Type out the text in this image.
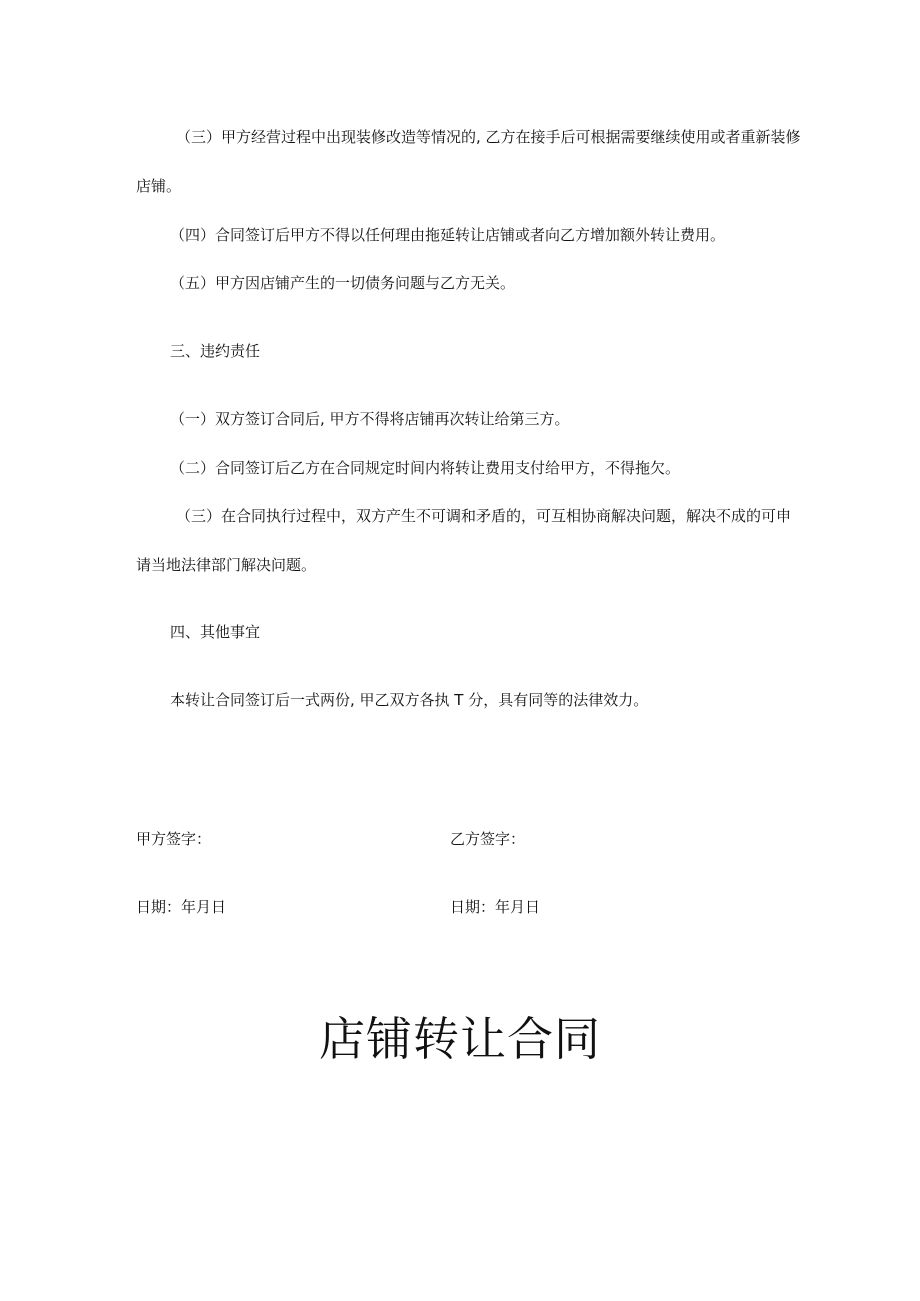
（三）甲方经营过程中出现装修改造等情况的, 乙方在接手后可根据需要继续使用或者重新装修
店铺。
（四）合同签订后甲方不得以任何理由拖延转让店铺或者向乙方增加额外转让费用。
（五）甲方因店铺产生的一切债务问题与乙方无关。
三、违约责任
（一）双方签订合同后, 甲方不得将店铺再次转让给第三方。
（二）合同签订后乙方在合同规定时间内将转让费用支付给甲方，不得拖欠。
（三）在合同执行过程中，双方产生不可调和矛盾的，可互相协商解决问题，解决不成的可申
请当地法律部门解决问题。
四、其他事宜
本转让合同签订后一式两份, 甲乙双方各执 T 分，具有同等的法律效力。
甲方签字：	乙方签字：
日期：年月日	日期：年月日
店铺转让合同
